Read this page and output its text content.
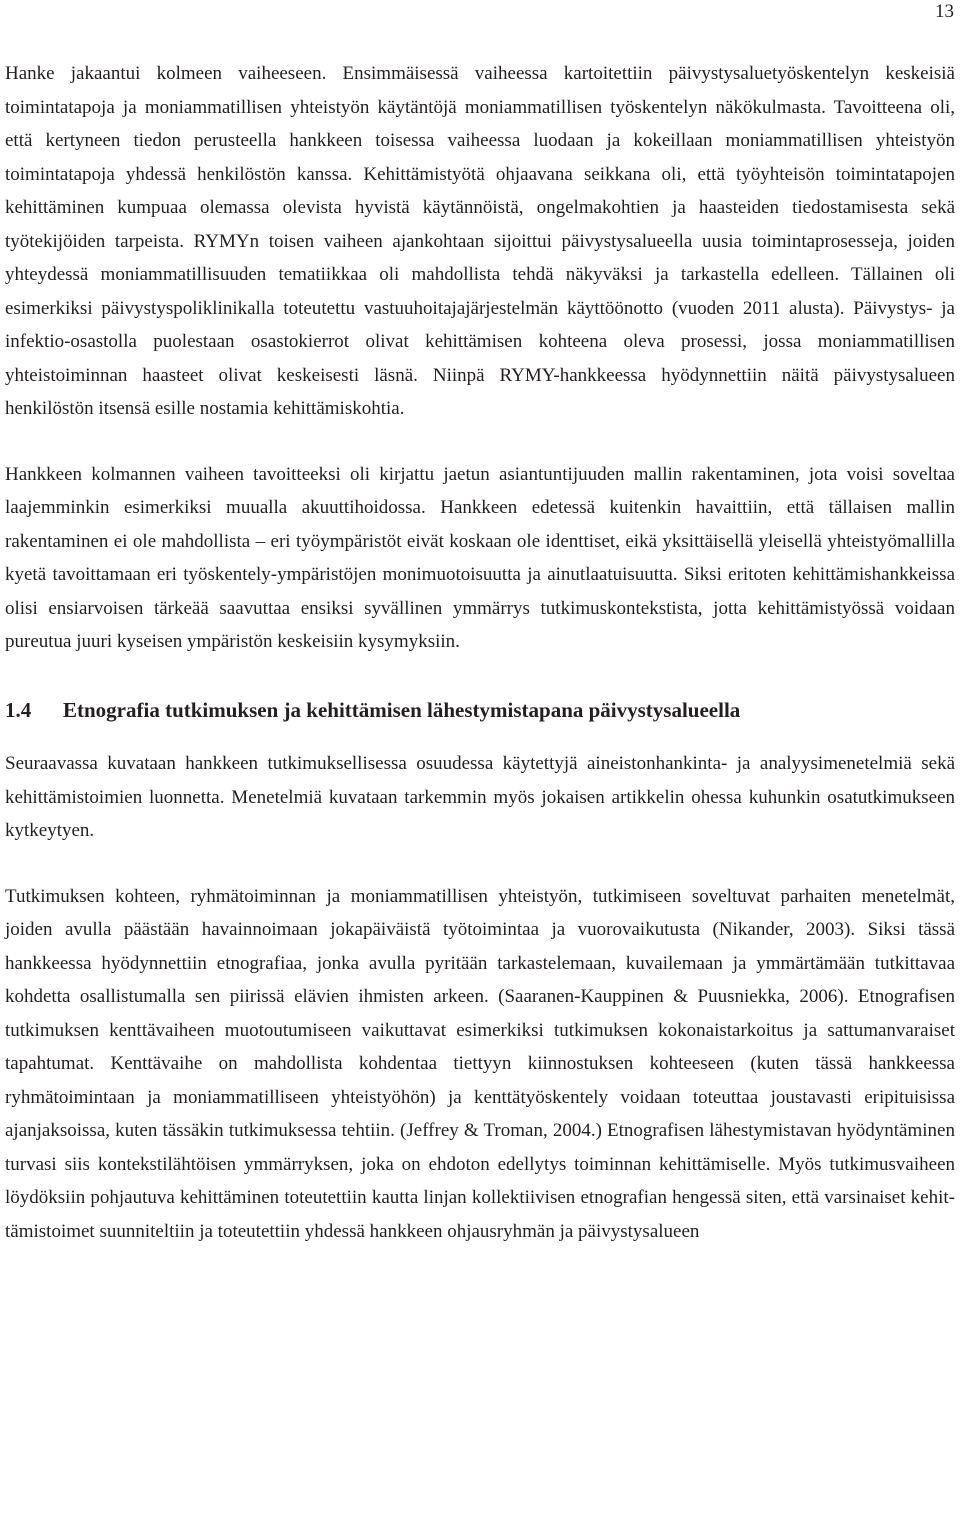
13

Hanke jakaantui kolmeen vaiheeseen. Ensimmäisessä vaiheessa kartoitettiin päivystysaluetyöskentelyn keskeisiä toimintatapoja ja moniammatillisen yhteistyön käytäntöjä moniammatillisen työskentelyn näkökulmasta. Tavoitteena oli, että kertyneen tiedon perusteella hankkeen toisessa vaiheessa luodaan ja kokeillaan moniammatillisen yhteistyön toimintatapoja yhdessä henkilöstön kanssa. Kehittämistyötä ohjaavana seikkana oli, että työyhteisön toimintatapojen kehittäminen kumpuaa olemassa olevista hyvistä käytännöistä, ongelmakohtien ja haasteiden tiedostamisesta sekä työtekijöiden tarpeista. RYMYn toisen vaiheen ajankohtaan sijoittui päivystysalueella uusia toimintaprosesseja, joiden yhteydessä moniammatillisuuden tematiikkaa oli mahdollista tehdä näkyväksi ja tarkastella edelleen. Tällainen oli esimerkiksi päivystyspoliklinikalla toteutettu vastuuhoitajajärjestelmän käyttöönotto (vuoden 2011 alusta). Päivystys- ja infektio-osastolla puolestaan osastokierrot olivat kehittämisen kohteena oleva prosessi, jossa moniammatillisen yhteistoiminnan haasteet olivat keskeisesti läsnä. Niinpä RYMY-hankkeessa hyödynnettiin näitä päivystysalueen henkilöstön itsensä esille nostamia kehittämiskohtia.

Hankkeen kolmannen vaiheen tavoitteeksi oli kirjattu jaetun asiantuntijuuden mallin rakentaminen, jota voisi soveltaa laajemminkin esimerkiksi muualla akuuttihoidossa. Hankkeen edetessä kuitenkin havaittiin, että tällaisen mallin rakentaminen ei ole mahdollista – eri työympäristöt eivät koskaan ole identtiset, eikä yksittäisellä yleisellä yhteistyömallilla kyetä tavoittamaan eri työskentely-ympäristöjen monimuotoisuutta ja ainutlaatuisuutta. Siksi eritoten kehittämishankkeissa olisi ensiarvoisen tärkeää saavuttaa ensiksi syvällinen ymmärrys tutkimuskontekstista, jotta kehittämistyössä voidaan pureutua juuri kyseisen ympäristön keskeisiin kysymyksiin.

1.4	Etnografia tutkimuksen ja kehittämisen lähestymistapana päivystysalueella

Seuraavassa kuvataan hankkeen tutkimuksellisessa osuudessa käytettyjä aineistonhankinta- ja analyysimenetelmiä sekä kehittämistoimien luonnetta. Menetelmiä kuvataan tarkemmin myös jokaisen artikkelin ohessa kuhunkin osatutkimukseen kytkeytyen.

Tutkimuksen kohteen, ryhmätoiminnan ja moniammatillisen yhteistyön, tutkimiseen soveltuvat parhaiten menetelmät, joiden avulla päästään havainnoimaan jokapäiväistä työtoimintaa ja vuorovaikutusta (Nikander, 2003). Siksi tässä hankkeessa hyödynnettiin etnografiaa, jonka avulla pyritään tarkastelemaan, kuvailemaan ja ymmärtämään tutkittavaa kohdetta osallistumalla sen piirissä elävien ihmisten arkeen. (Saaranen-Kauppinen & Puusniekka, 2006). Etnografisen tutkimuksen kenttävaiheen muotoutumiseen vaikuttavat esimerkiksi tutkimuksen kokonaistarkoitus ja sattumanvaraiset tapahtumat. Kenttävaihe on mahdollista kohdentaa tiettyyn kiinnostuksen kohteeseen (kuten tässä hankkeessa ryhmätoimintaan ja moniammatilliseen yhteistyöhön) ja kenttätyöskentely voidaan toteuttaa joustavasti eripituisissa ajanjaksoissa, kuten tässäkin tutkimuksessa tehtiin. (Jeffrey & Troman, 2004.) Etnografisen lähestymistavan hyödyntäminen turvasi siis kontekstilähtöisen ymmärryksen, joka on ehdoton edellytys toiminnan kehittämiselle. Myös tutkimusvaiheen löydöksiin pohjautuva kehittäminen toteutettiin kautta linjan kollektiivisen etnografian hengessä siten, että varsinaiset kehittämistoimet suunniteltiin ja toteutettiin yhdessä hankkeen ohjausryhmän ja päivystysalueen
